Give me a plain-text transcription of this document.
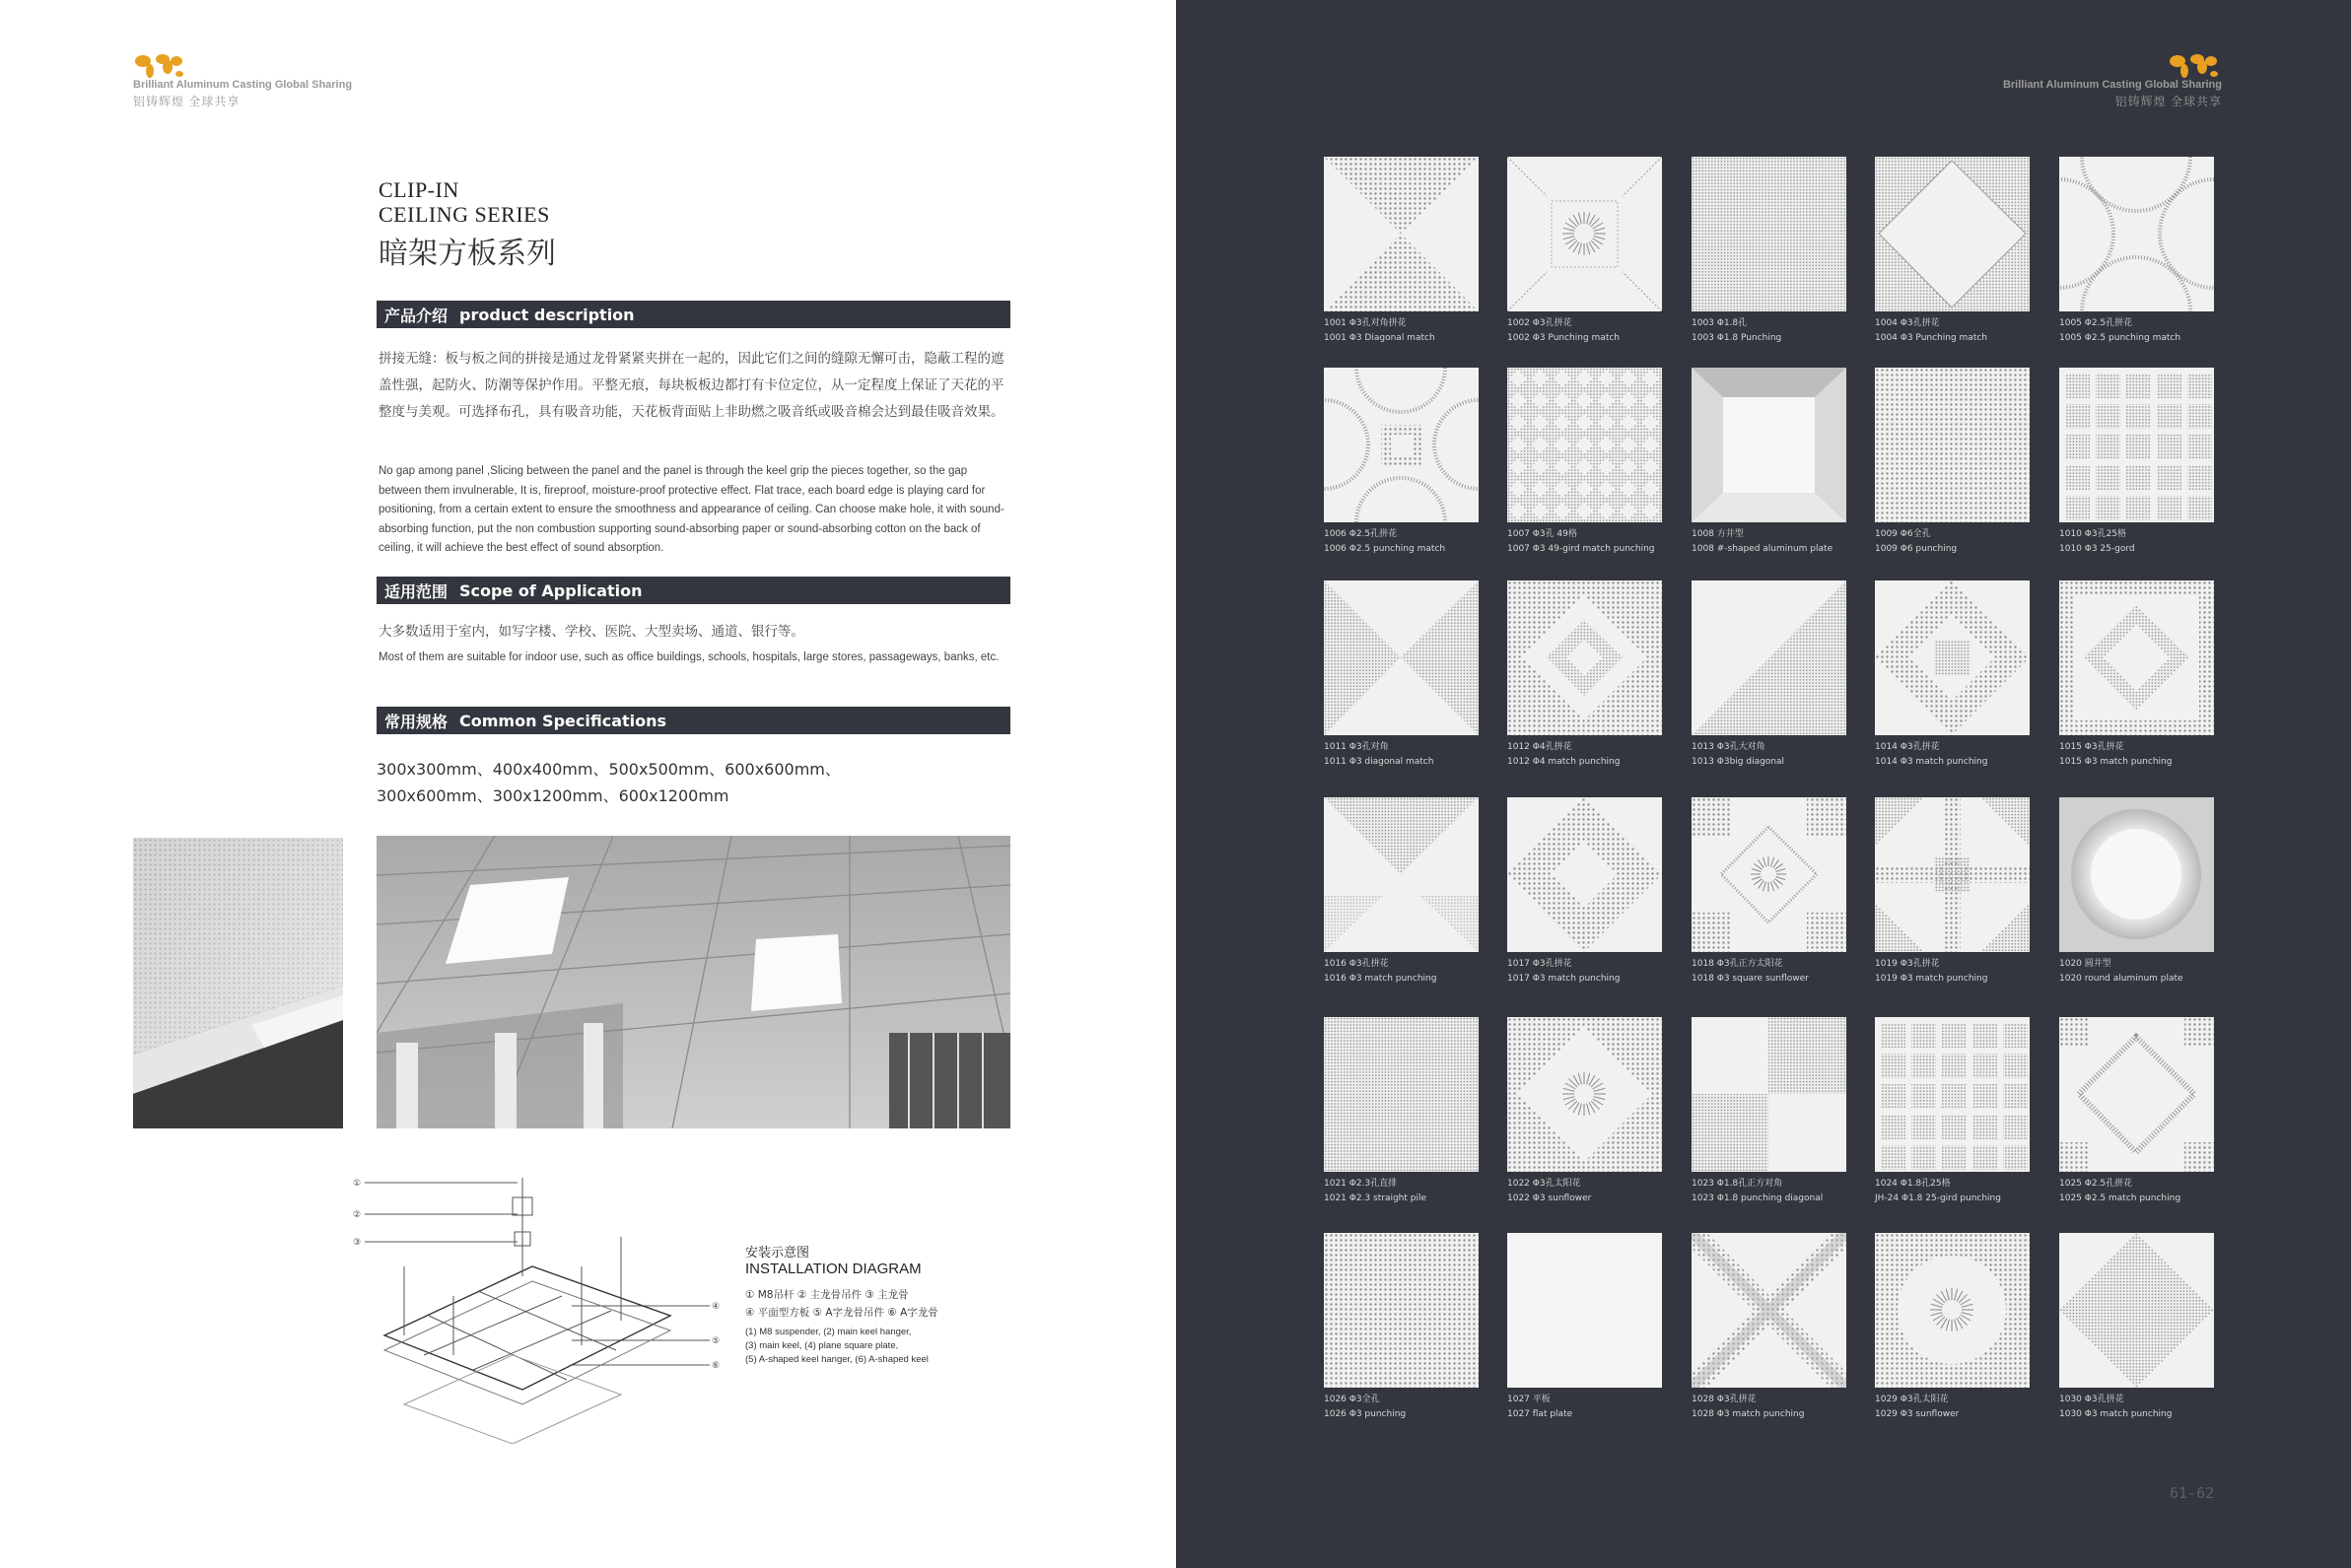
Brilliant Aluminum Casting Global Sharing
铝铸辉煌 全球共享
CLIP-IN
CEILING SERIES
暗架方板系列
产品介绍 product description
拼接无缝：板与板之间的拼接是通过龙骨紧紧夹拼在一起的，因此它们之间的缝隙无懈可击，隐蔽工程的遮盖性强，起防火、防潮等保护作用。平整无痕，每块板板边都打有卡位定位，从一定程度上保证了天花的平整度与美观。可选择布孔，具有吸音功能，天花板背面贴上非助燃之吸音纸或吸音棉会达到最佳吸音效果。
No gap among panel ,Slicing between the panel and the panel is through the keel grip the pieces together, so the gap between them invulnerable, It is, fireproof, moisture-proof protective effect. Flat trace, each board edge is playing card for positioning, from a certain extent to ensure the smoothness and appearance of ceiling. Can choose make hole, it with sound-absorbing function, put the non combustion supporting sound-absorbing paper or sound-absorbing cotton on the back of ceiling, it will achieve the best effect of sound absorption.
适用范围 Scope of Application
大多数适用于室内，如写字楼、学校、医院、大型卖场、通道、银行等。
Most of them are suitable for indoor use, such as office buildings, schools, hospitals, large stores, passageways, banks, etc.
常用规格 Common Specifications
300x300mm、400x400mm、500x500mm、600x600mm、
300x600mm、300x1200mm、600x1200mm
①
②
③
④
⑤
⑥
安装示意图
INSTALLATION DIAGRAM
① M8吊杆 ② 主龙骨吊件 ③ 主龙骨
④ 平面型方板 ⑤ A字龙骨吊件 ⑥ A字龙骨
(1) M8 suspender, (2) main keel hanger,
(3) main keel, (4) plane square plate,
(5) A-shaped keel hanger, (6) A-shaped keel
Brilliant Aluminum Casting Global Sharing
铝铸辉煌 全球共享
1001 Φ3孔对角拼花
1001 Φ3 Diagonal match
1002 Φ3孔拼花
1002 Φ3 Punching match
1003 Φ1.8孔
1003 Φ1.8 Punching
1004 Φ3孔拼花
1004 Φ3 Punching match
1005 Φ2.5孔拼花
1005 Φ2.5 punching match
1006 Φ2.5孔拼花
1006 Φ2.5 punching match
1007 Φ3孔 49格
1007 Φ3 49-gird match punching
1008 方井型
1008 #-shaped aluminum plate
1009 Φ6全孔
1009 Φ6 punching
1010 Φ3孔25格
1010 Φ3 25-gord
1011 Φ3孔对角
1011 Φ3 diagonal match
1012 Φ4孔拼花
1012 Φ4 match punching
1013 Φ3孔大对角
1013 Φ3big diagonal
1014 Φ3孔拼花
1014 Φ3 match punching
1015 Φ3孔拼花
1015 Φ3 match punching
1016 Φ3孔拼花
1016 Φ3 match punching
1017 Φ3孔拼花
1017 Φ3 match punching
1018 Φ3孔正方太阳花
1018 Φ3 square sunflower
1019 Φ3孔拼花
1019 Φ3 match punching
1020 圆井型
1020 round aluminum plate
1021 Φ2.3孔直排
1021 Φ2.3 straight pile
1022 Φ3孔太阳花
1022 Φ3 sunflower
1023 Φ1.8孔正方对角
1023 Φ1.8 punching diagonal
1024 Φ1.8孔25格
JH-24 Φ1.8 25-gird punching
1025 Φ2.5孔拼花
1025 Φ2.5 match punching
1026 Φ3全孔
1026 Φ3 punching
1027 平板
1027 flat plate
1028 Φ3孔拼花
1028 Φ3 match punching
1029 Φ3孔太阳花
1029 Φ3 sunflower
1030 Φ3孔拼花
1030 Φ3 match punching
61-62
